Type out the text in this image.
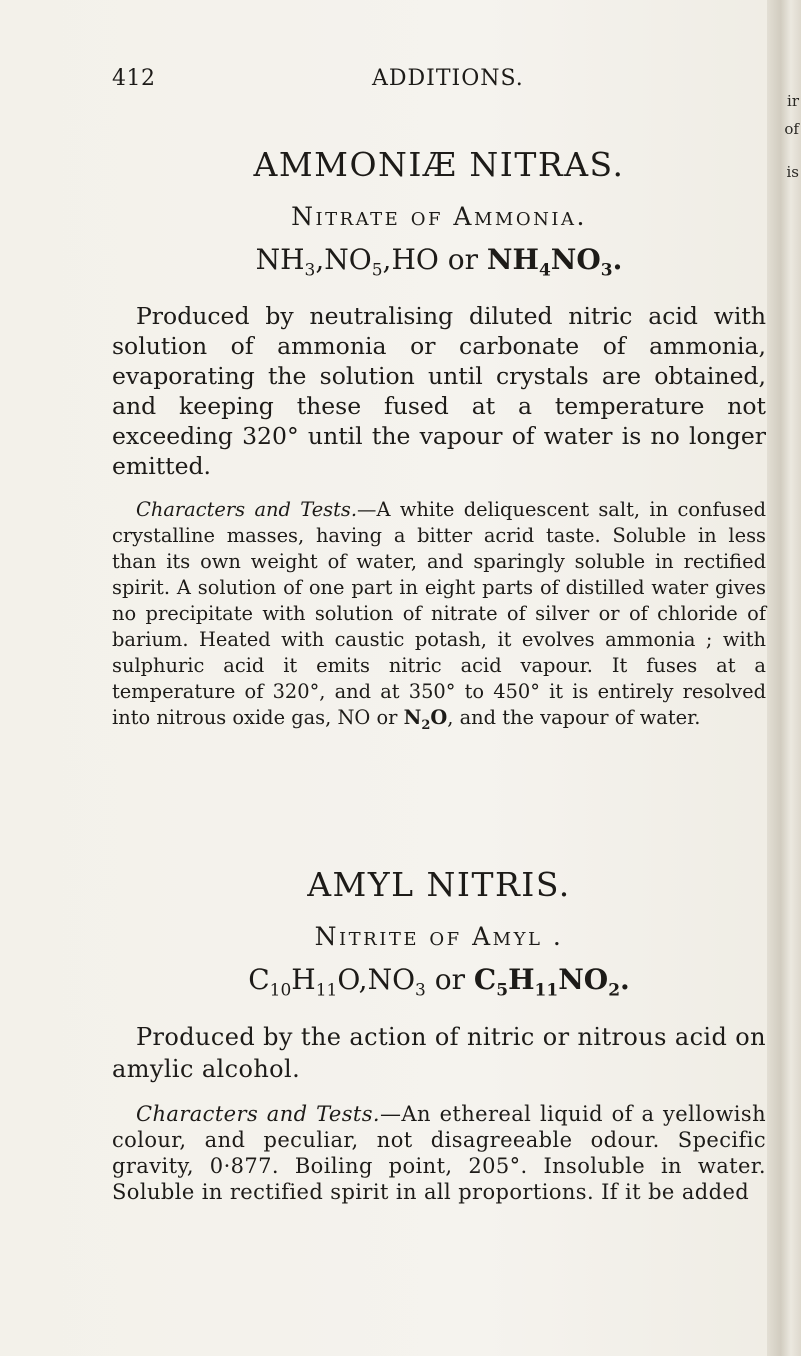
ir
of
is
412	ADDITIONS.
AMMONIÆ NITRAS.

Nitrate of Ammonia.

$NH_3,NO_5,HO$ or $NH_4NO_3$.

Produced by neutralising diluted nitric acid with solution of ammonia or carbonate of ammonia, evaporating the solution until crystals are obtained, and keeping these fused at a temperature not exceeding 320° until the vapour of water is no longer emitted.

Characters and Tests.—A white deliquescent salt, in confused crystalline masses, having a bitter acrid taste. Soluble in less than its own weight of water, and sparingly soluble in rectified spirit. A solution of one part in eight parts of distilled water gives no precipitate with solution of nitrate of silver or of chloride of barium. Heated with caustic potash, it evolves ammonia ; with sulphuric acid it emits nitric acid vapour. It fuses at a temperature of 320°, and at 350° to 450° it is entirely resolved into nitrous oxide gas, NO or $N_2O$, and the vapour of water.

AMYL NITRIS.

Nitrite of Amyl .

$C_{10}H_{11}O,NO_3$ or $C_5H_{11}NO_2$.

Produced by the action of nitric or nitrous acid on amylic alcohol.

Characters and Tests.—An ethereal liquid of a yellowish colour, and peculiar, not disagreeable odour. Specific gravity, 0·877. Boiling point, 205°. Insoluble in water. Soluble in rectified spirit in all proportions. If it be added
